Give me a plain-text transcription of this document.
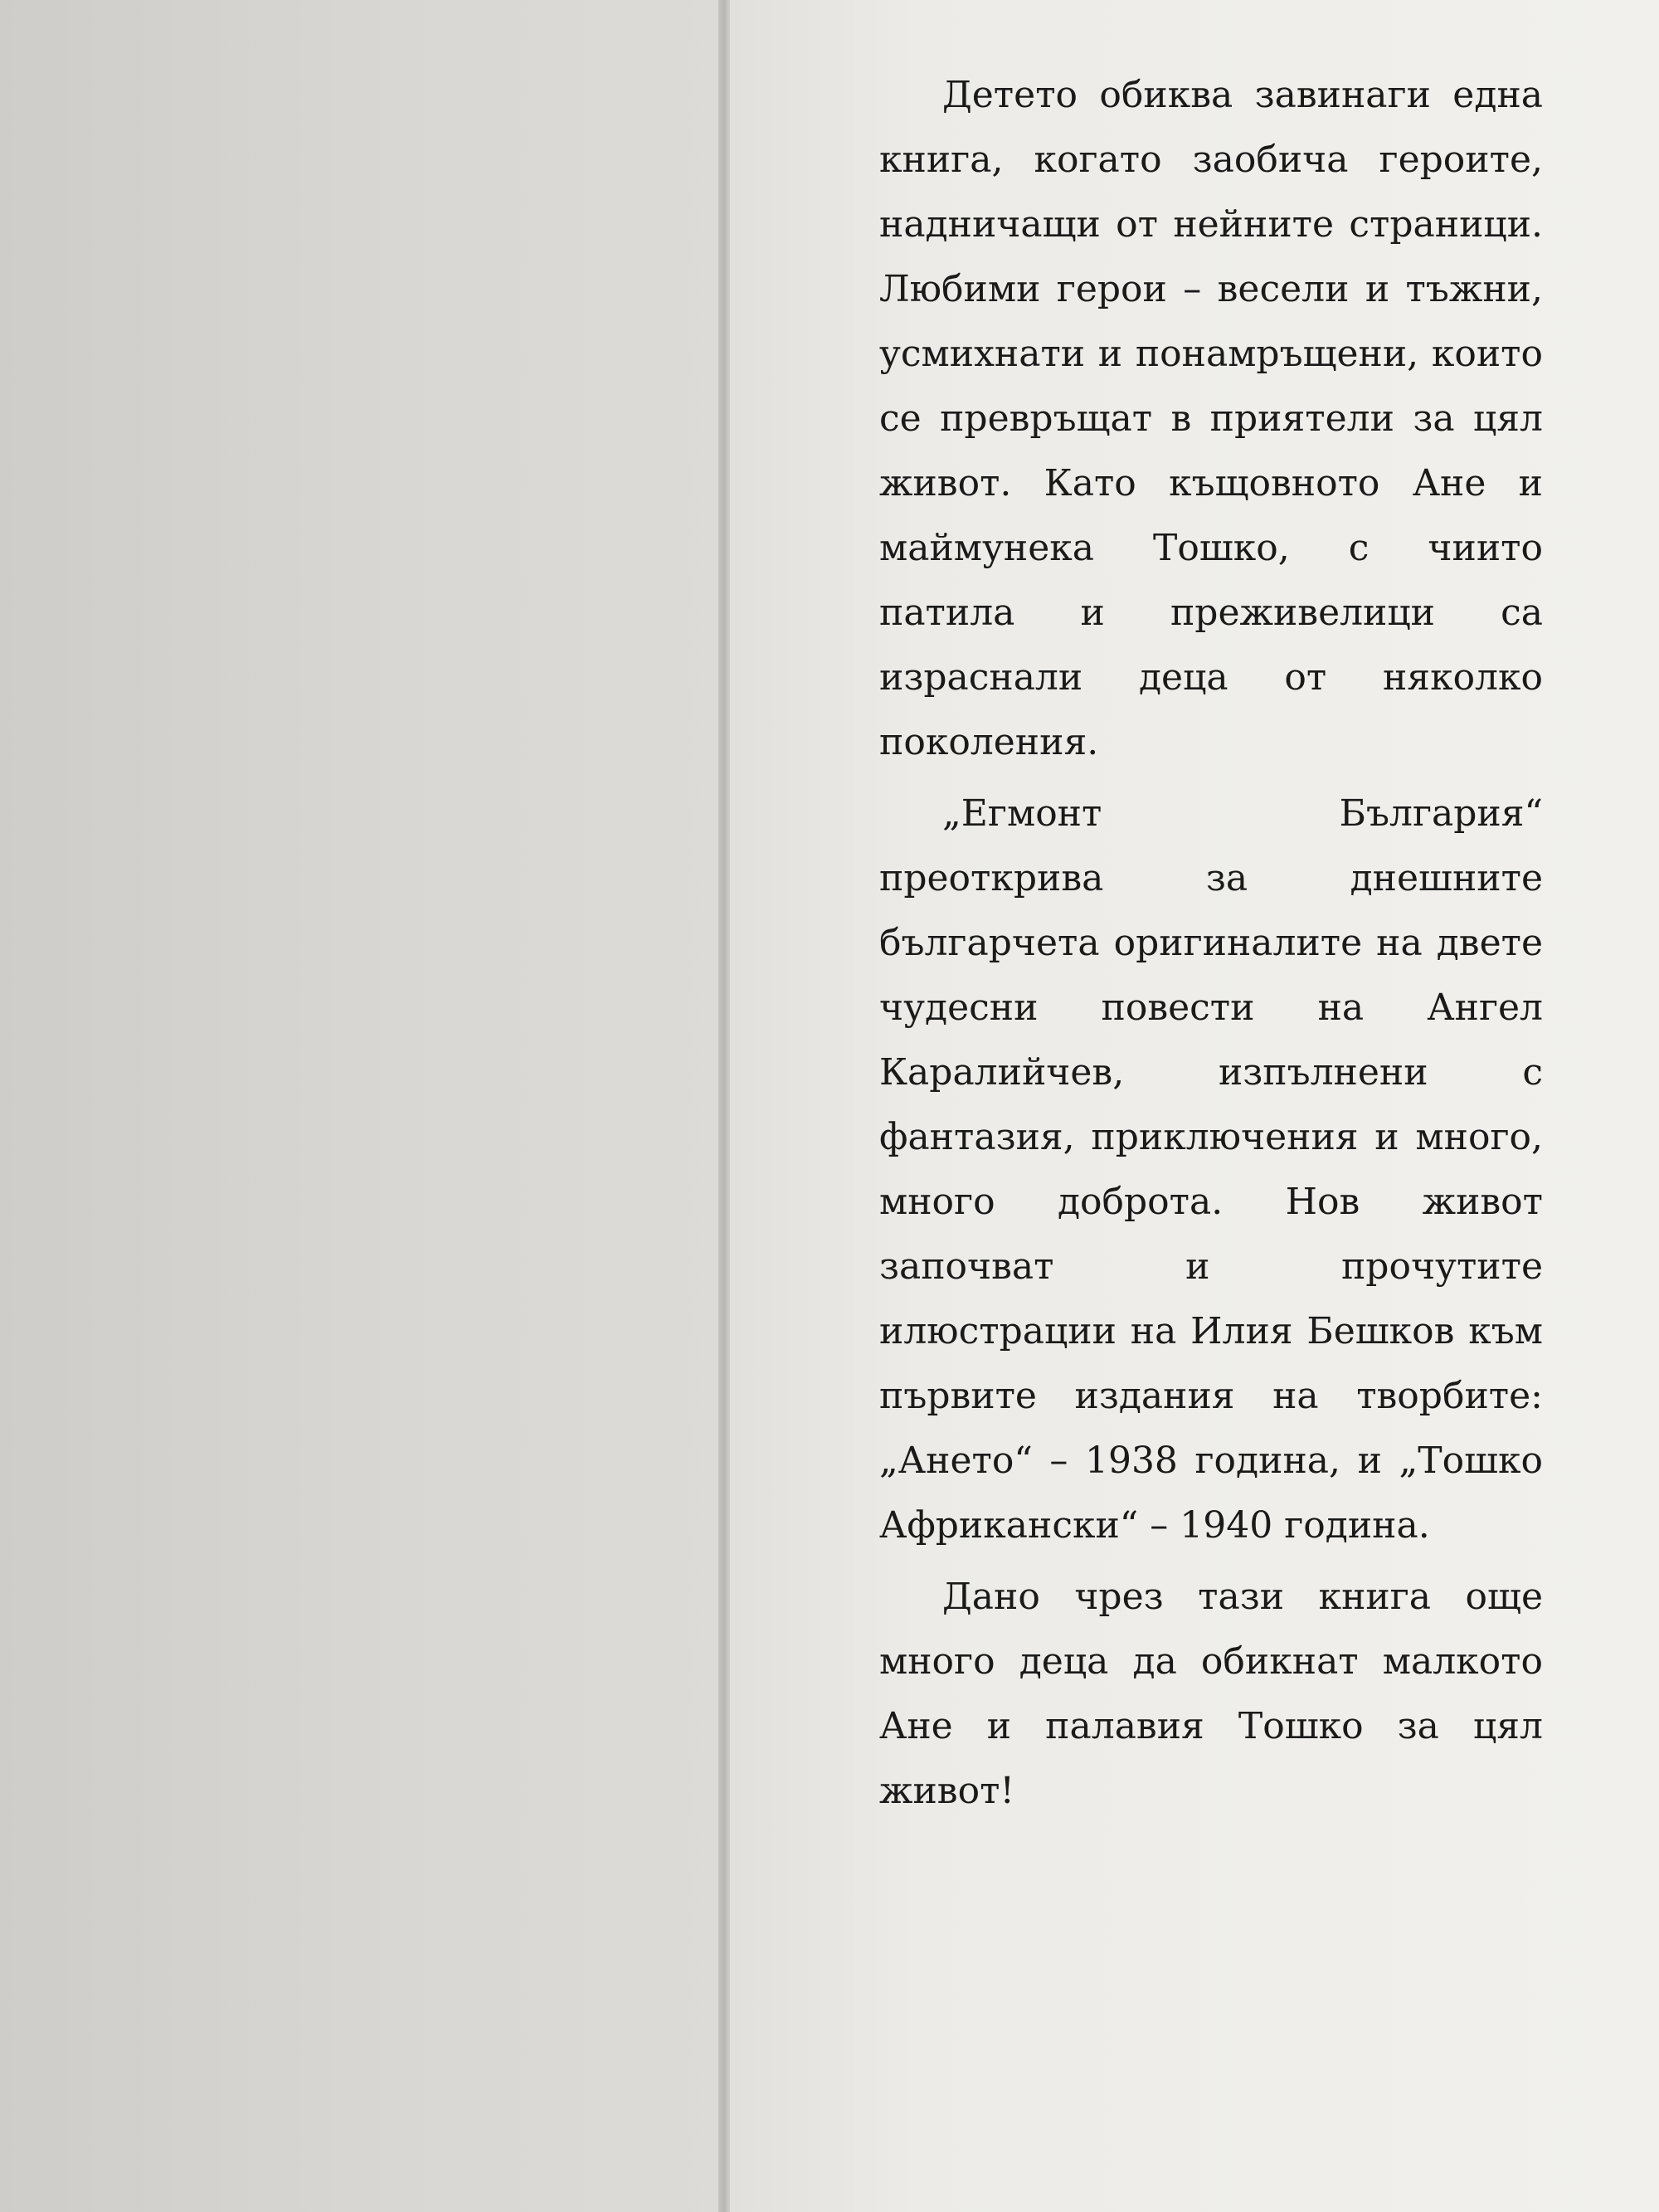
Детето обиква завинаги една книга, когато заобича героите, надничащи от нейните страници. Любими герои – весели и тъжни, усмихнати и понамръщени, които се превръщат в приятели за цял живот. Като къщовното Ане и маймунека Тошко, с чиито патила и преживелици са израснали деца от няколко поколения.

„Егмонт България“ преоткрива за днешните българчета оригиналите на двете чудесни повести на Ангел Каралийчев, изпълнени с фантазия, приключения и много, много доброта. Нов живот започват и прочутите илюстрации на Илия Бешков към първите издания на творбите: „Ането“ – 1938 година, и „Тошко Африкански“ – 1940 година.

Дано чрез тази книга още много деца да обикнат малкото Ане и палавия Тошко за цял живот!
